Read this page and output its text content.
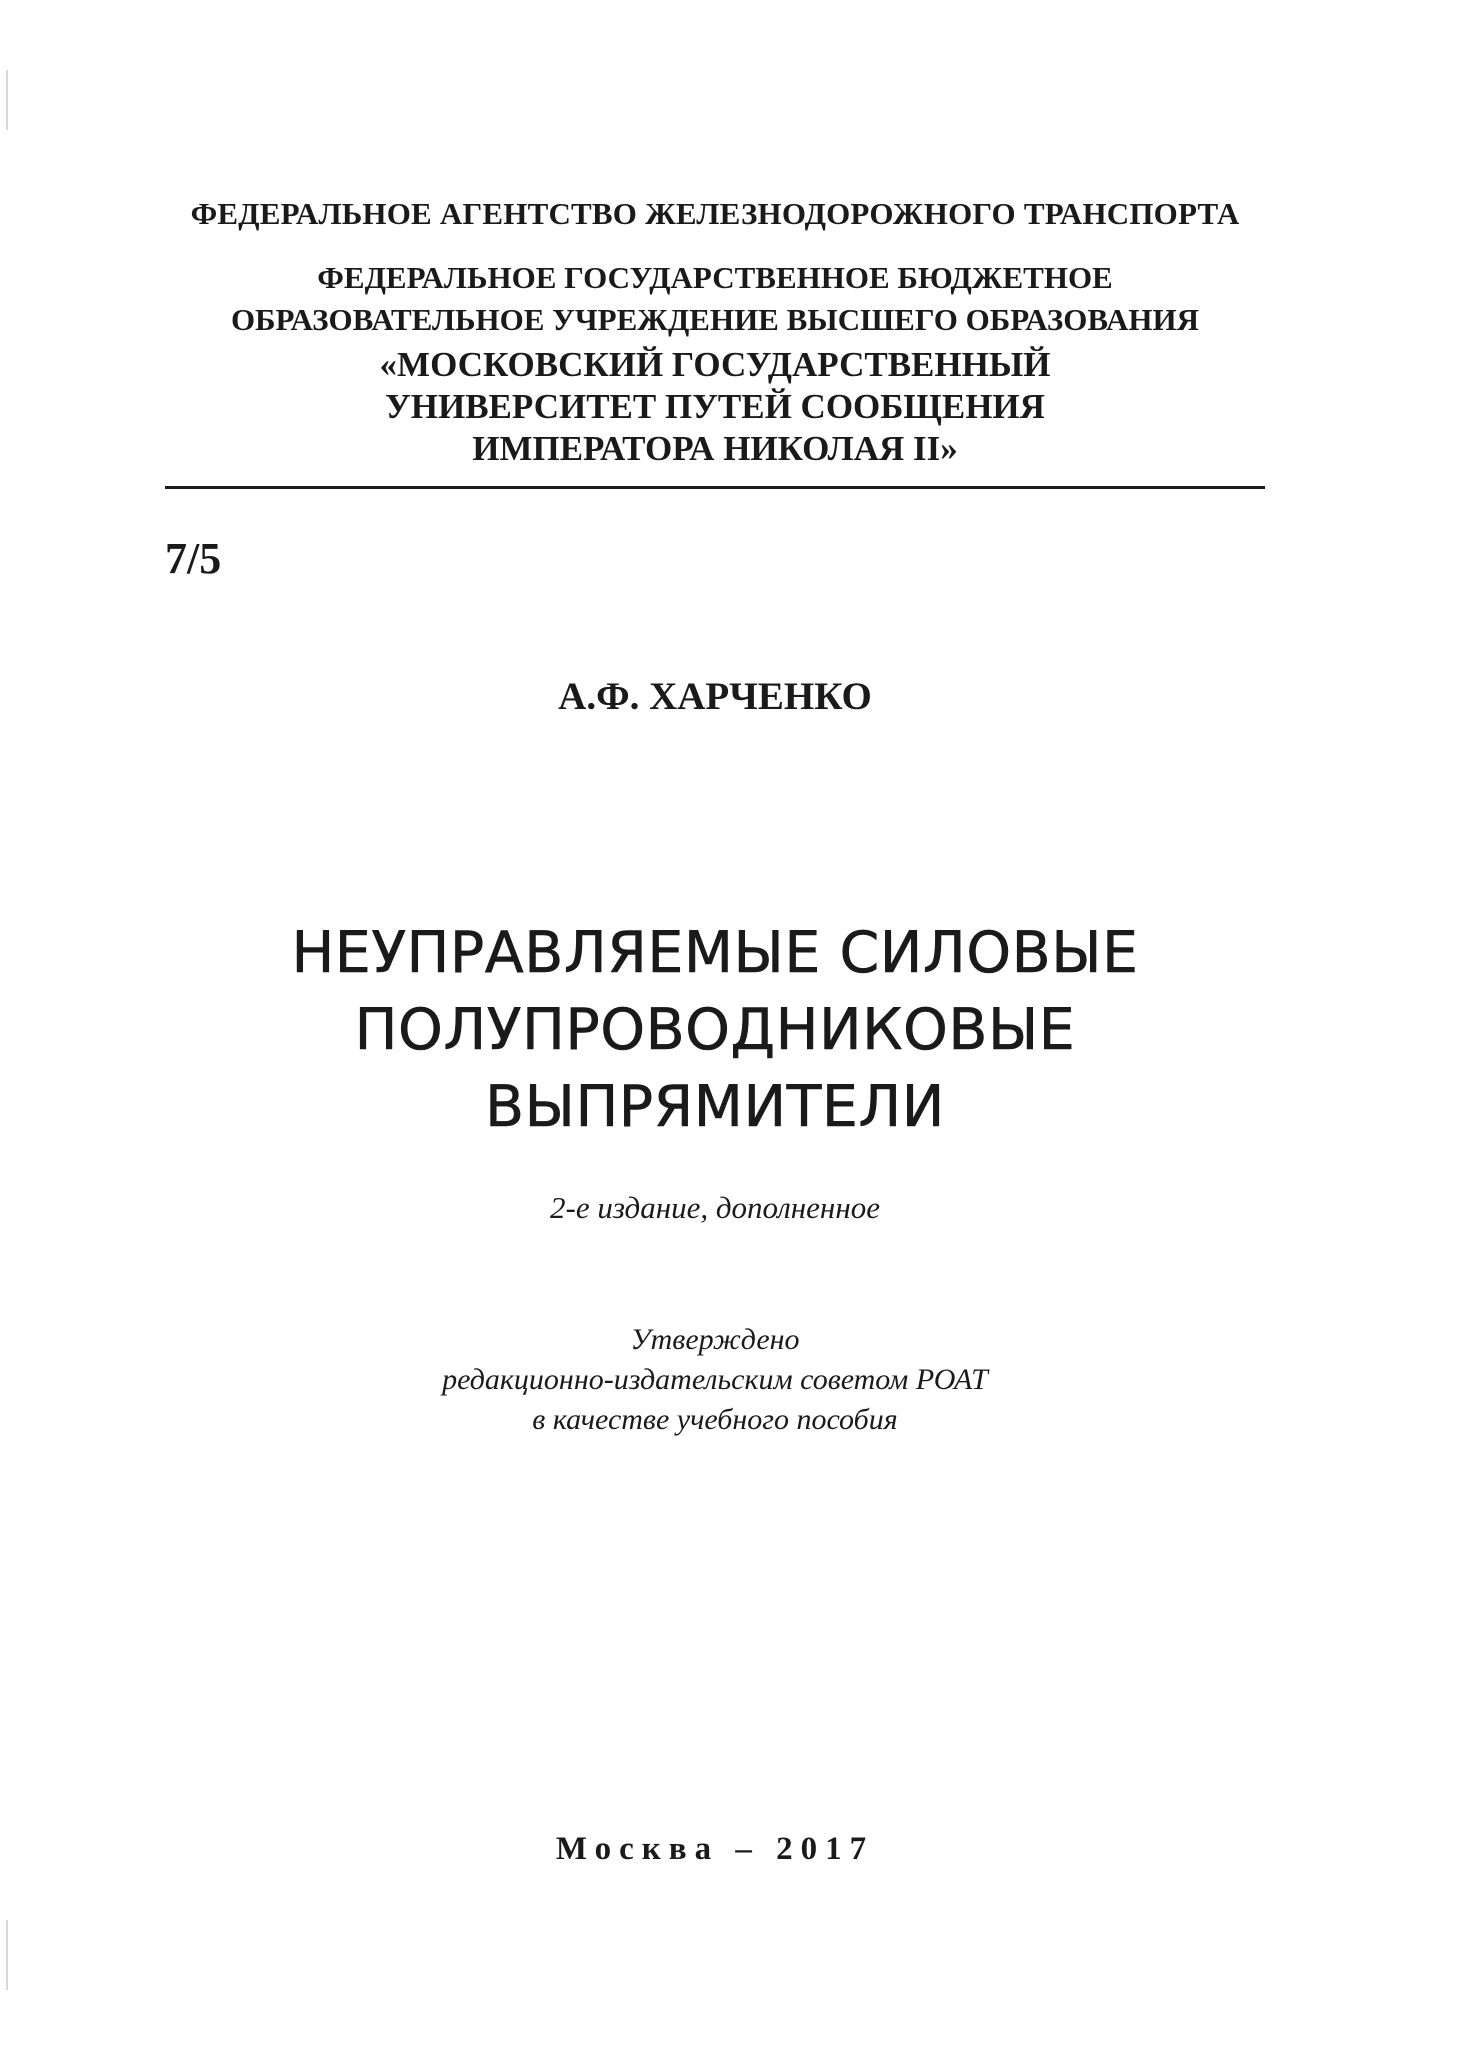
ФЕДЕРАЛЬНОЕ АГЕНТСТВО ЖЕЛЕЗНОДОРОЖНОГО ТРАНСПОРТА
ФЕДЕРАЛЬНОЕ ГОСУДАРСТВЕННОЕ БЮДЖЕТНОЕ
ОБРАЗОВАТЕЛЬНОЕ УЧРЕЖДЕНИЕ ВЫСШЕГО ОБРАЗОВАНИЯ
«МОСКОВСКИЙ ГОСУДАРСТВЕННЫЙ
УНИВЕРСИТЕТ ПУТЕЙ СООБЩЕНИЯ
ИМПЕРАТОРА НИКОЛАЯ II»
7/5
А.Ф. ХАРЧЕНКО
НЕУПРАВЛЯЕМЫЕ СИЛОВЫЕ
ПОЛУПРОВОДНИКОВЫЕ
ВЫПРЯМИТЕЛИ
2-е издание, дополненное
Утверждено
редакционно-издательским советом РОАТ
в качестве учебного пособия
Москва – 2017
